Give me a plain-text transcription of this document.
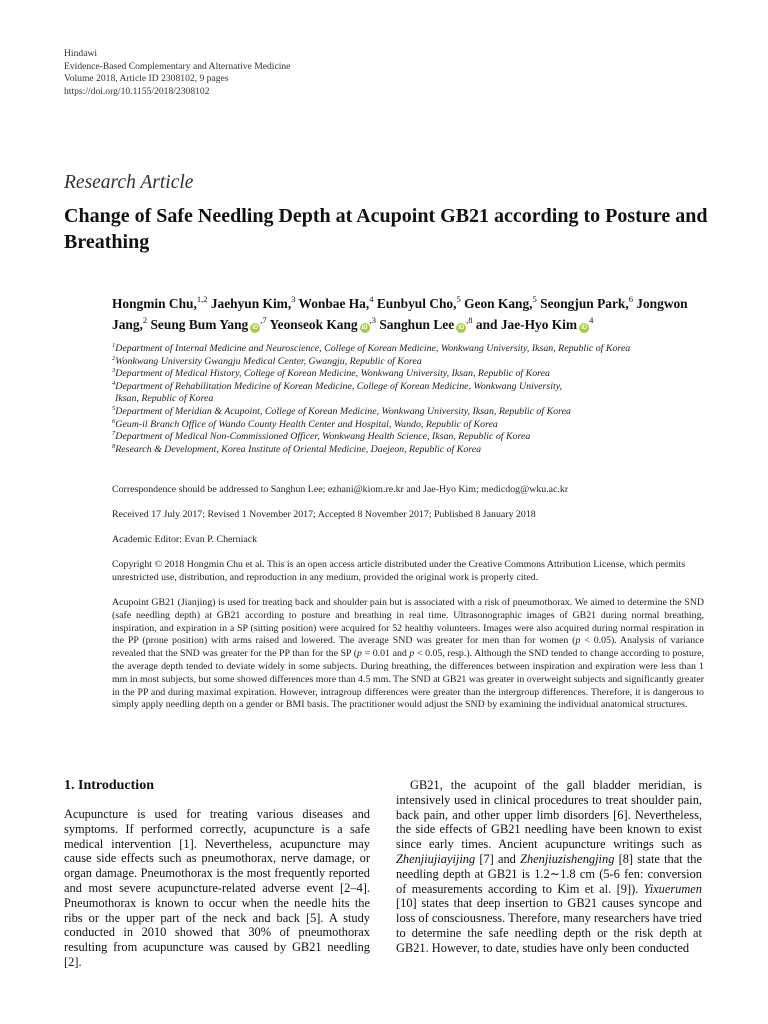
Hindawi
Evidence-Based Complementary and Alternative Medicine
Volume 2018, Article ID 2308102, 9 pages
https://doi.org/10.1155/2018/2308102
Research Article
Change of Safe Needling Depth at Acupoint GB21 according to Posture and Breathing
Hongmin Chu,$^{1,2}$ Jaehyun Kim,$^3$ Wonbae Ha,$^4$ Eunbyul Cho,$^5$ Geon Kang,$^5$ Seongjun Park,$^6$ Jongwon Jang,$^2$ Seung Bum Yang $iD^{,7}$ Yeonseok Kang $iD^{,3}$ Sanghun Lee $iD^{,8}$ and Jae-Hyo Kim $iD^4$
$^1$Department of Internal Medicine and Neuroscience, College of Korean Medicine, Wonkwang University, Iksan, Republic of Korea
$^2$Wonkwang University Gwangju Medical Center, Gwangju, Republic of Korea
$^3$Department of Medical History, College of Korean Medicine, Wonkwang University, Iksan, Republic of Korea
$^4$Department of Rehabilitation Medicine of Korean Medicine, College of Korean Medicine, Wonkwang University,
Iksan, Republic of Korea
$^5$Department of Meridian & Acupoint, College of Korean Medicine, Wonkwang University, Iksan, Republic of Korea
$^6$Geum-il Branch Office of Wando County Health Center and Hospital, Wando, Republic of Korea
$^7$Department of Medical Non-Commissioned Officer, Wonkwang Health Science, Iksan, Republic of Korea
$^8$Research & Development, Korea Institute of Oriental Medicine, Daejeon, Republic of Korea
Correspondence should be addressed to Sanghun Lee; ezhani@kiom.re.kr and Jae-Hyo Kim; medicdog@wku.ac.kr
Received 17 July 2017; Revised 1 November 2017; Accepted 8 November 2017; Published 8 January 2018
Academic Editor: Evan P. Cherniack
Copyright © 2018 Hongmin Chu et al. This is an open access article distributed under the Creative Commons Attribution License, which permits unrestricted use, distribution, and reproduction in any medium, provided the original work is properly cited.
Acupoint GB21 (Jianjing) is used for treating back and shoulder pain but is associated with a risk of pneumothorax. We aimed to determine the SND (safe needling depth) at GB21 according to posture and breathing in real time. Ultrasonographic images of GB21 during normal breathing, inspiration, and expiration in a SP (sitting position) were acquired for 52 healthy volunteers. Images were also acquired during normal respiration in the PP (prone position) with arms raised and lowered. The average SND was greater for men than for women (p < 0.05). Analysis of variance revealed that the SND was greater for the PP than for the SP (p = 0.01 and p < 0.05, resp.). Although the SND tended to change according to posture, the average depth tended to deviate widely in some subjects. During breathing, the differences between inspiration and expiration were less than 1 mm in most subjects, but some showed differences more than 4.5 mm. The SND at GB21 was greater in overweight subjects and significantly greater in the PP and during maximal expiration. However, intragroup differences were greater than the intergroup differences. Therefore, it is dangerous to simply apply needling depth on a gender or BMI basis. The practitioner would adjust the SND by examining the individual anatomical structures.
1. Introduction

Acupuncture is used for treating various diseases and symptoms. If performed correctly, acupuncture is a safe medical intervention [1]. Nevertheless, acupuncture may cause side effects such as pneumothorax, nerve damage, or organ damage. Pneumothorax is the most frequently reported and most severe acupuncture-related adverse event [2–4]. Pneumothorax is known to occur when the needle hits the ribs or the upper part of the neck and back [5]. A study conducted in 2010 showed that 30% of pneumothorax resulting from acupuncture was caused by GB21 needling [2].

GB21, the acupoint of the gall bladder meridian, is intensively used in clinical procedures to treat shoulder pain, back pain, and other upper limb disorders [6]. Nevertheless, the side effects of GB21 needling have been known to exist since early times. Ancient acupuncture writings such as Zhenjiujiayijing [7] and Zhenjiuzishengjing [8] state that the needling depth at GB21 is 1.2∼1.8 cm (5-6 fen: conversion of measurements according to Kim et al. [9]). Yixuerumen [10] states that deep insertion to GB21 causes syncope and loss of consciousness. Therefore, many researchers have tried to determine the safe needling depth or the risk depth at GB21. However, to date, studies have only been conducted
